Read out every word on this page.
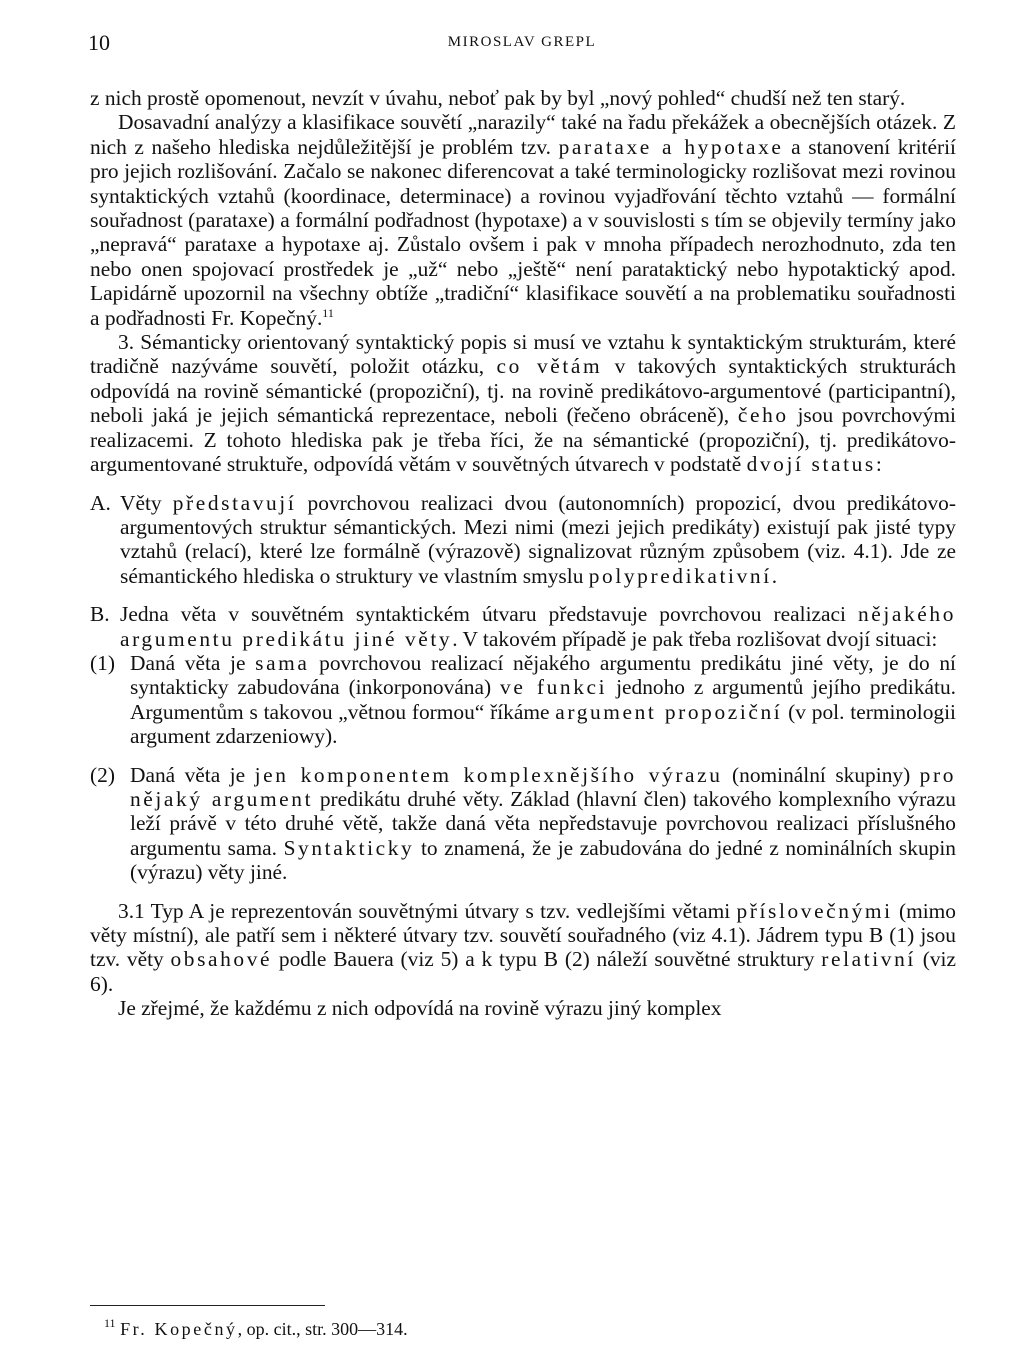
10	MIROSLAV GREPL

z nich prostě opomenout, nevzít v úvahu, neboť pak by byl „nový pohled“ chudší než ten starý.

Dosavadní analýzy a klasifikace souvětí „narazily“ také na řadu překážek a obecnějších otázek. Z nich z našeho hlediska nejdůležitější je problém tzv. parataxe a hypotaxe a stanovení kritérií pro jejich rozlišování. Začalo se nakonec diferencovat a také terminologicky rozlišovat mezi rovinou syntaktických vztahů (koordinace, determinace) a rovinou vyjadřování těchto vztahů — formální souřadnost (parataxe) a formální podřadnost (hypotaxe) a v souvislosti s tím se objevily termíny jako „nepravá“ parataxe a hypotaxe aj. Zůstalo ovšem i pak v mnoha případech nerozhodnuto, zda ten nebo onen spojovací prostředek je „už“ nebo „ještě“ není parataktický nebo hypotaktický apod. Lapidárně upozornil na všechny obtíže „tradiční“ klasifikace souvětí a na problematiku souřadnosti a podřadnosti Fr. Kopečný.$^{11}$

3. Sémanticky orientovaný syntaktický popis si musí ve vztahu k syntaktickým strukturám, které tradičně nazýváme souvětí, položit otázku, co větám v takových syntaktických strukturách odpovídá na rovině sémantické (propoziční), tj. na rovině predikátovo-argumentové (participantní), neboli jaká je jejich sémantická reprezentace, neboli (řečeno obráceně), čeho jsou povrchovými realizacemi. Z tohoto hlediska pak je třeba říci, že na sémantické (propoziční), tj. predikátovo-argumentované struktuře, odpovídá větám v souvětných útvarech v podstatě dvojí status:

A. Věty představují povrchovou realizaci dvou (autonomních) propozicí, dvou predikátovo-argumentových struktur sémantických. Mezi nimi (mezi jejich predikáty) existují pak jisté typy vztahů (relací), které lze formálně (výrazově) signalizovat různým způsobem (viz. 4.1). Jde ze sémantického hlediska o struktury ve vlastním smyslu polypredikativní.

B. Jedna věta v souvětném syntaktickém útvaru představuje povrchovou realizaci nějakého argumentu predikátu jiné věty. V takovém případě je pak třeba rozlišovat dvojí situaci:

(1) Daná věta je sama povrchovou realizací nějakého argumentu predikátu jiné věty, je do ní syntakticky zabudována (inkorponována) ve funkci jednoho z argumentů jejího predikátu. Argumentům s takovou „větnou formou“ říkáme argument propoziční (v pol. terminologii argument zdarzeniowy).

(2) Daná věta je jen komponentem komplexnějšího výrazu (nominální skupiny) pro nějaký argument predikátu druhé věty. Základ (hlavní člen) takového komplexního výrazu leží právě v této druhé větě, takže daná věta nepředstavuje povrchovou realizaci příslušného argumentu sama. Syntakticky to znamená, že je zabudována do jedné z nominálních skupin (výrazu) věty jiné.

3.1 Typ A je reprezentován souvětnými útvary s tzv. vedlejšími větami příslovečnými (mimo věty místní), ale patří sem i některé útvary tzv. souvětí souřadného (viz 4.1). Jádrem typu B (1) jsou tzv. věty obsahové podle Bauera (viz 5) a k typu B (2) náleží souvětné struktury relativní (viz 6).

Je zřejmé, že každému z nich odpovídá na rovině výrazu jiný komplex

$^{11}$ Fr. Kopečný, op. cit., str. 300—314.
